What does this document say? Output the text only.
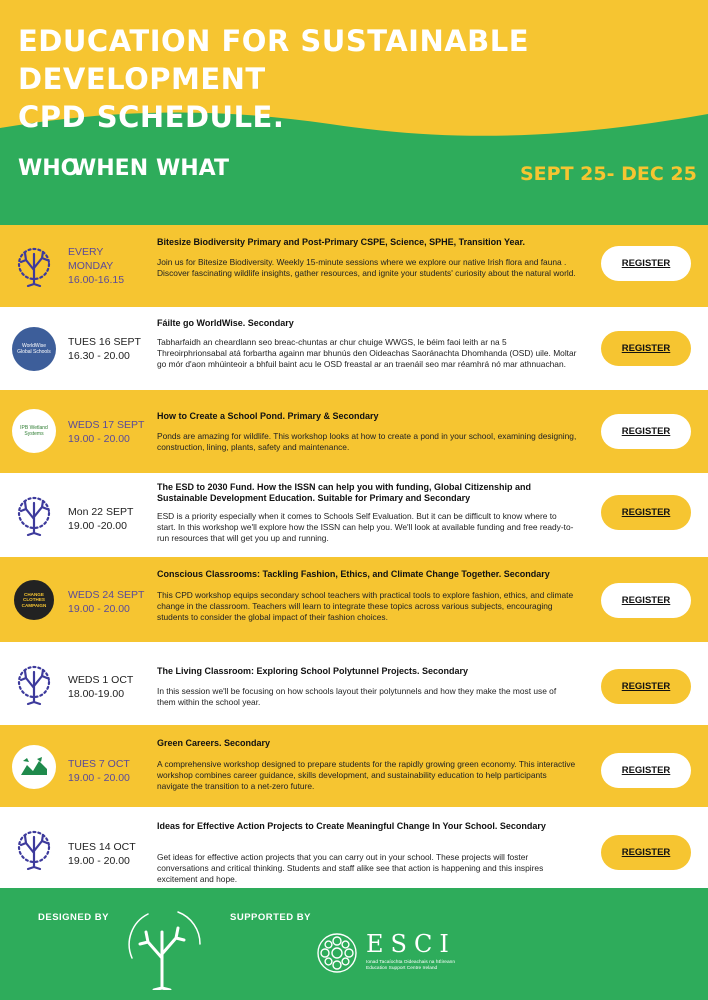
EDUCATION FOR SUSTAINABLE DEVELOPMENT
CPD SCHEDULE.
WHO
WHEN WHAT	SEPT 25- DEC 25
EVERY
MONDAY
16.00-16.15
Bitesize Biodiversity Primary and Post-Primary CSPE, Science, SPHE, Transition Year.
Join us for Bitesize Biodiversity. Weekly 15-minute sessions where we explore our native Irish flora and fauna . Discover fascinating wildlife insights, gather resources, and ignite your students' curiosity about the natural world.
REGISTER
WorldWise Global Schools
TUES 16 SEPT
16.30 - 20.00
Fáilte go WorldWise. Secondary
Tabharfaidh an cheardlann seo breac-chuntas ar chur chuige WWGS, le béim faoi leith ar na 5 Threoirphrionsabal atá forbartha againn mar bhunús den Oideachas Saoránachta Dhomhanda (OSD) uile. Moltar go mór d'aon mhúinteoir a bhfuil baint acu le OSD freastal ar an traenáil seo mar réamhrá nó mar athnuachan.
REGISTER
IPB Wetland Systems
WEDS 17 SEPT
19.00 - 20.00
How to Create a School Pond. Primary & Secondary
Ponds are amazing for wildlife. This workshop looks at how to create a pond in your school, examining designing, construction, lining, plants, safety and maintenance.
REGISTER
Mon 22 SEPT
19.00 -20.00
The ESD to 2030 Fund. How the ISSN can help you with funding, Global Citizenship and Sustainable Development Education. Suitable for Primary and Secondary
ESD is a priority especially when it comes to Schools Self Evaluation. But it can be difficult to know where to start. In this workshop we'll explore how the ISSN can help you. We'll look at available funding and free ready-to-run resources that will get you up and running.
REGISTER
CHANGE CLOTHES CAMPAIGN
WEDS 24 SEPT
19.00 - 20.00
Conscious Classrooms: Tackling Fashion, Ethics, and Climate Change Together. Secondary
This CPD workshop equips secondary school teachers with practical tools to explore fashion, ethics, and climate change in the classroom. Teachers will learn to integrate these topics across various subjects, encouraging students to consider the global impact of their fashion choices.
REGISTER
WEDS 1 OCT
18.00-19.00
The Living Classroom: Exploring School Polytunnel Projects. Secondary
In this session we'll be focusing on how schools layout their polytunnels and how they make the most use of them within the school year.
REGISTER
TUES 7 OCT
19.00 - 20.00
Green Careers. Secondary
A comprehensive workshop designed to prepare students for the rapidly growing green economy. This interactive workshop combines career guidance, skills development, and sustainability education to help participants navigate the transition to a net-zero future.
REGISTER
TUES 14 OCT
19.00 - 20.00
Ideas for Effective Action Projects to Create Meaningful Change In Your School. Secondary
Get ideas for effective action projects that you can carry out in your school. These projects will foster conversations and critical thinking. Students and staff alike see that action is happening and this inspires excitement and hope.
REGISTER
DESIGNED BY	SUPPORTED BY
ESCI
Ionad Tacaíochta Oideachais na hÉireann
Education Support Centre Ireland
